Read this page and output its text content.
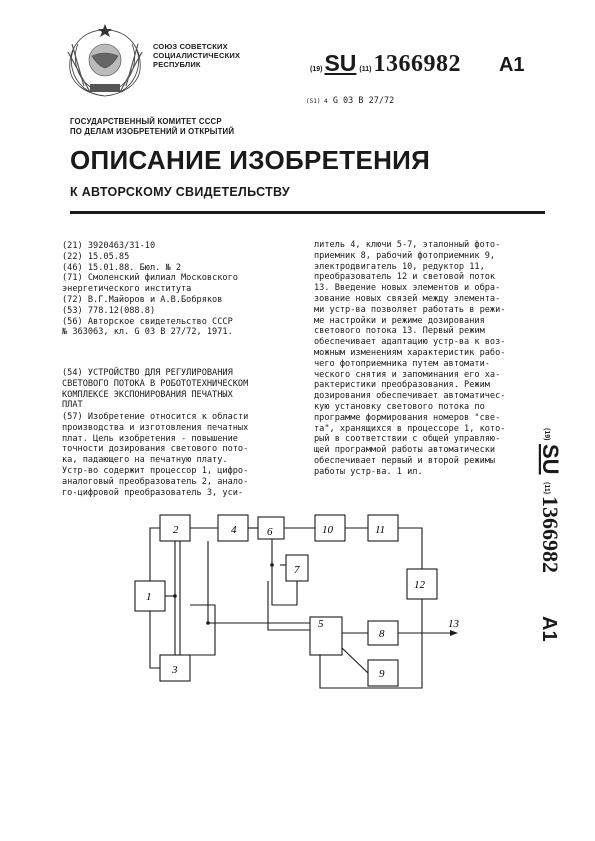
СОЮЗ СОВЕТСКИХ
СОЦИАЛИСТИЧЕСКИХ
РЕСПУБЛИК
(19) SU (11) 1366982 A1
(51) 4 G 03 B 27/72
ГОСУДАРСТВЕННЫЙ КОМИТЕТ СССР
ПО ДЕЛАМ ИЗОБРЕТЕНИЙ И ОТКРЫТИЙ
ОПИСАНИЕ ИЗОБРЕТЕНИЯ
К АВТОРСКОМУ СВИДЕТЕЛЬСТВУ
(21) 3920463/31-10
(22) 15.05.85
(46) 15.01.88. Бюл. № 2
(71) Смоленский филиал Московского
энергетического института
(72) В.Г.Майоров и А.В.Бобряков
(53) 778.12(088.8)
(56) Авторское свидетельство СССР
№ 363063, кл. G 03 B 27/72, 1971.
(54) УСТРОЙСТВО ДЛЯ РЕГУЛИРОВАНИЯ
СВЕТОВОГО ПОТОКА В РОБОТОТЕХНИЧЕСКОМ
КОМПЛЕКСЕ ЭКСПОНИРОВАНИЯ ПЕЧАТНЫХ
ПЛАТ
(57) Изобретение относится к области
производства и изготовления печатных
плат. Цель изобретения - повышение
точности дозирования светового пото-
ка, падающего на печатную плату.
Устр-во содержит процессор 1, цифро-
аналоговый преобразователь 2, анало-
го-цифровой преобразователь 3, уси-
литель 4, ключи 5-7, эталонный фото-
приемник 8, рабочий фотоприемник 9,
электродвигатель 10, редуктор 11,
преобразователь 12 и световой поток
13. Введение новых элементов и обра-
зование новых связей между элемента-
ми устр-ва позволяет работать в режи-
ме настройки и режиме дозирования
светового потока 13. Первый режим
обеспечивает адаптацию устр-ва к воз-
можным изменениям характеристик рабо-
чего фотоприемника путем автомати-
ческого снятия и запоминания его ха-
рактеристики преобразования. Режим
дозирования обеспечивает автоматичес-
кую установку светового потока по
программе формирования номеров "све-
та", хранящихся в процессоре 1, кото-
рый в соответствии с общей управляю-
щей программой работы автоматически
обеспечивает первый и второй режимы
работы устр-ва. 1 ил.
(19)
SU
(11)
1366982
A1
2	4
1
3
6
7
10	11
12
5
8
9
13
